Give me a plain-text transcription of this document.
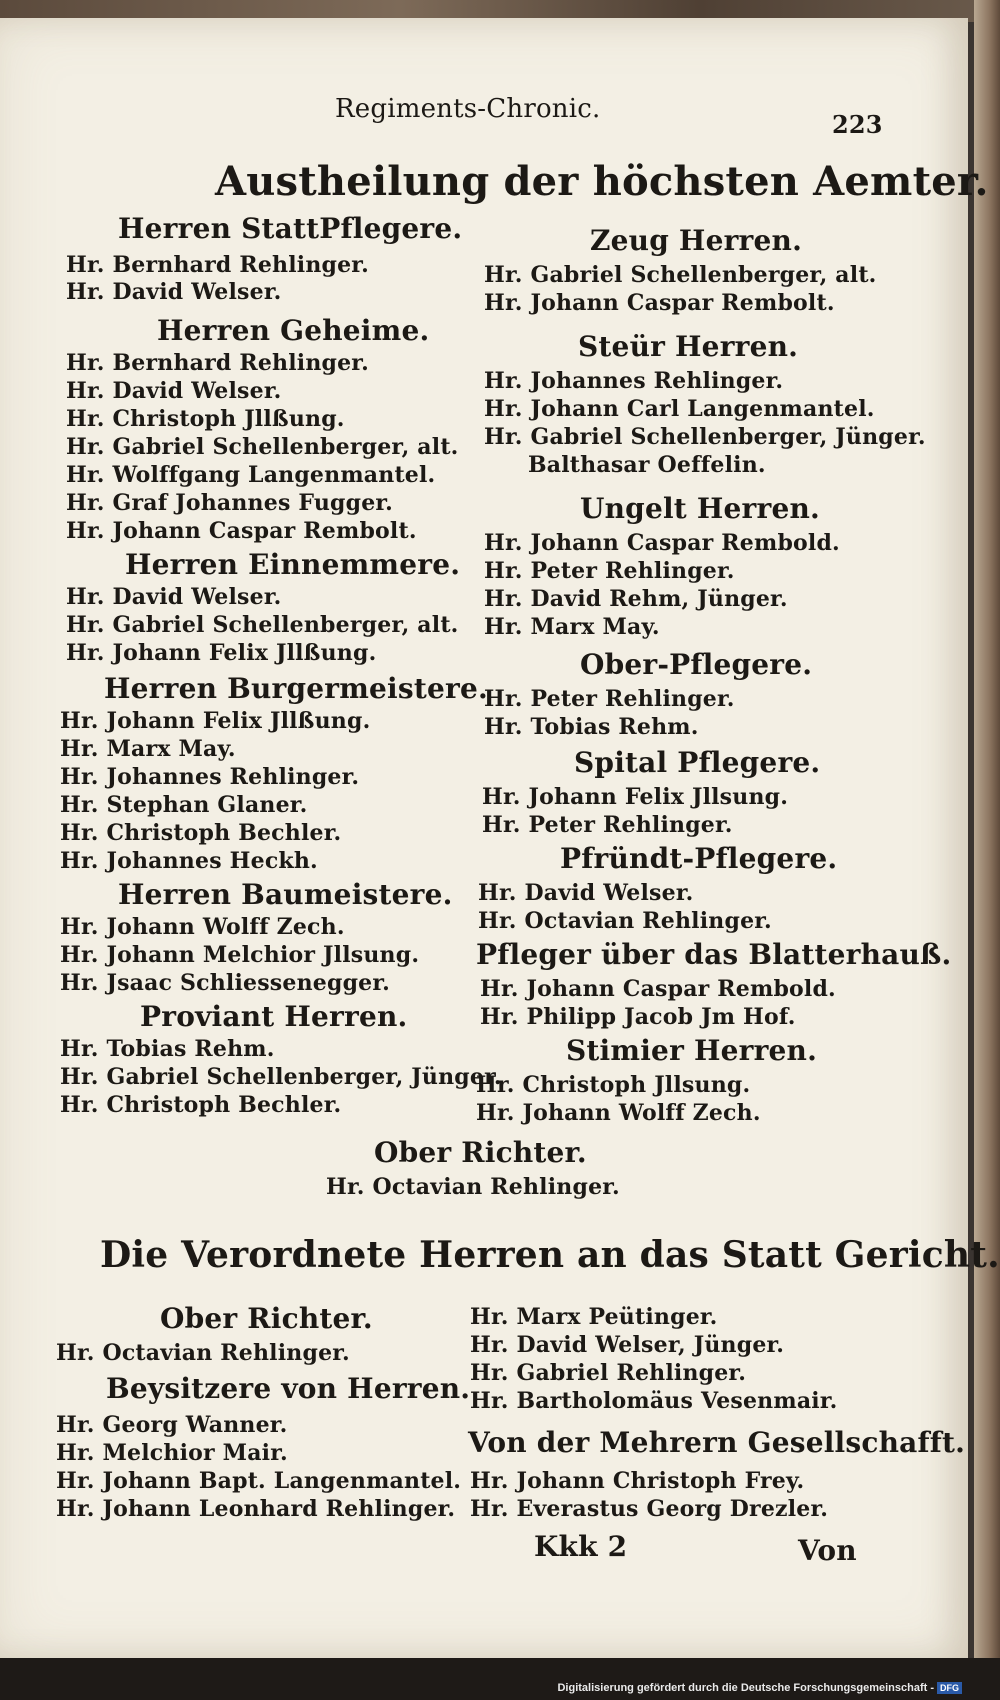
Regiments-Chronic.
223
Austheilung der höchsten Aemter.
Herren StattPflegere.
Hr. Bernhard Rehlinger.
Hr. David Welser.
Herren Geheime.
Hr. Bernhard Rehlinger.
Hr. David Welser.
Hr. Christoph Jllßung.
Hr. Gabriel Schellenberger, alt.
Hr. Wolffgang Langenmantel.
Hr. Graf Johannes Fugger.
Hr. Johann Caspar Rembolt.
Herren Einnemmere.
Hr. David Welser.
Hr. Gabriel Schellenberger, alt.
Hr. Johann Felix Jllßung.
Herren Burgermeistere.
Hr. Johann Felix Jllßung.
Hr. Marx May.
Hr. Johannes Rehlinger.
Hr. Stephan Glaner.
Hr. Christoph Bechler.
Hr. Johannes Heckh.
Herren Baumeistere.
Hr. Johann Wolff Zech.
Hr. Johann Melchior Jllsung.
Hr. Jsaac Schliessenegger.
Proviant Herren.
Hr. Tobias Rehm.
Hr. Gabriel Schellenberger, Jünger.
Hr. Christoph Bechler.
Zeug Herren.
Hr. Gabriel Schellenberger, alt.
Hr. Johann Caspar Rembolt.
Steür Herren.
Hr. Johannes Rehlinger.
Hr. Johann Carl Langenmantel.
Hr. Gabriel Schellenberger, Jünger.
Balthasar Oeffelin.
Ungelt Herren.
Hr. Johann Caspar Rembold.
Hr. Peter Rehlinger.
Hr. David Rehm, Jünger.
Hr. Marx May.
Ober-Pflegere.
Hr. Peter Rehlinger.
Hr. Tobias Rehm.
Spital Pflegere.
Hr. Johann Felix Jllsung.
Hr. Peter Rehlinger.
Pfründt-Pflegere.
Hr. David Welser.
Hr. Octavian Rehlinger.
Pfleger über das Blatterhauß.
Hr. Johann Caspar Rembold.
Hr. Philipp Jacob Jm Hof.
Stimier Herren.
Hr. Christoph Jllsung.
Hr. Johann Wolff Zech.
Ober Richter.
Hr. Octavian Rehlinger.
Die Verordnete Herren an das Statt Gericht.
Ober Richter.
Hr. Octavian Rehlinger.
Beysitzere von Herren.
Hr. Georg Wanner.
Hr. Melchior Mair.
Hr. Johann Bapt. Langenmantel.
Hr. Johann Leonhard Rehlinger.
Hr. Marx Peütinger.
Hr. David Welser, Jünger.
Hr. Gabriel Rehlinger.
Hr. Bartholomäus Vesenmair.
Von der Mehrern Gesellschafft.
Hr. Johann Christoph Frey.
Hr. Everastus Georg Drezler.
Kkk 2	Von
Digitalisierung gefördert durch die Deutsche Forschungsgemeinschaft - DFG
